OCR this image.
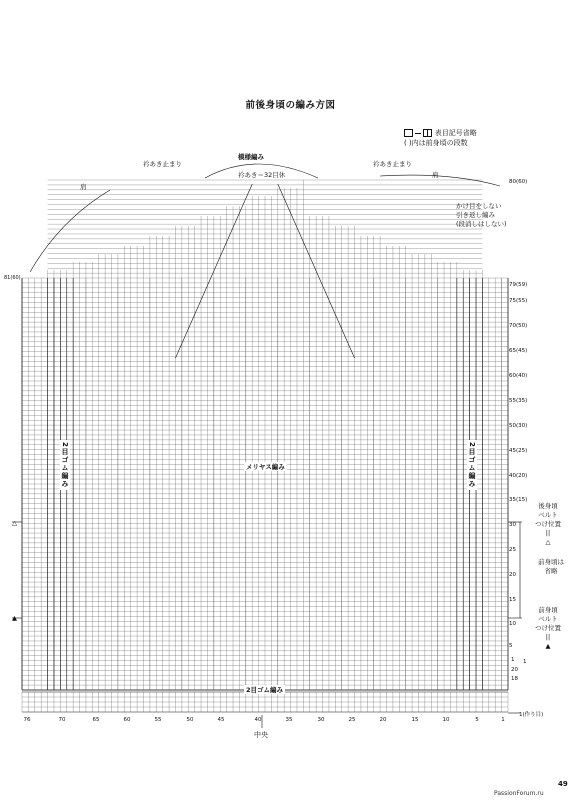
前後身頃の編み方図

表目記号省略
( )内は前身頃の段数
模様編み
衿あき止まり	衿あき止まり
衿あき＝32目休
肩
肩
かけ目をしない
引き返し編み
(段消しはしない)
81(60)
メリヤス編み
2目ゴム編み	2目ゴム編み
2目ゴム編み
後身頃
ベルト
つけ位置
||
△
前身頃は
省略
前身頃
ベルト
つけ位置
||
▲
△
▲
20
18
1
1(作り目)
80(60)
79(59)
75(55)
70(50)
65(45)
60(40)
55(35)
50(30)
45(25)
40(20)
35(15)
30
25
20
15
10
5
1
76	70	65	60	55	50	45	40	35	30	25	20	15	10	5	1
中央
49
PassionForum.ru
